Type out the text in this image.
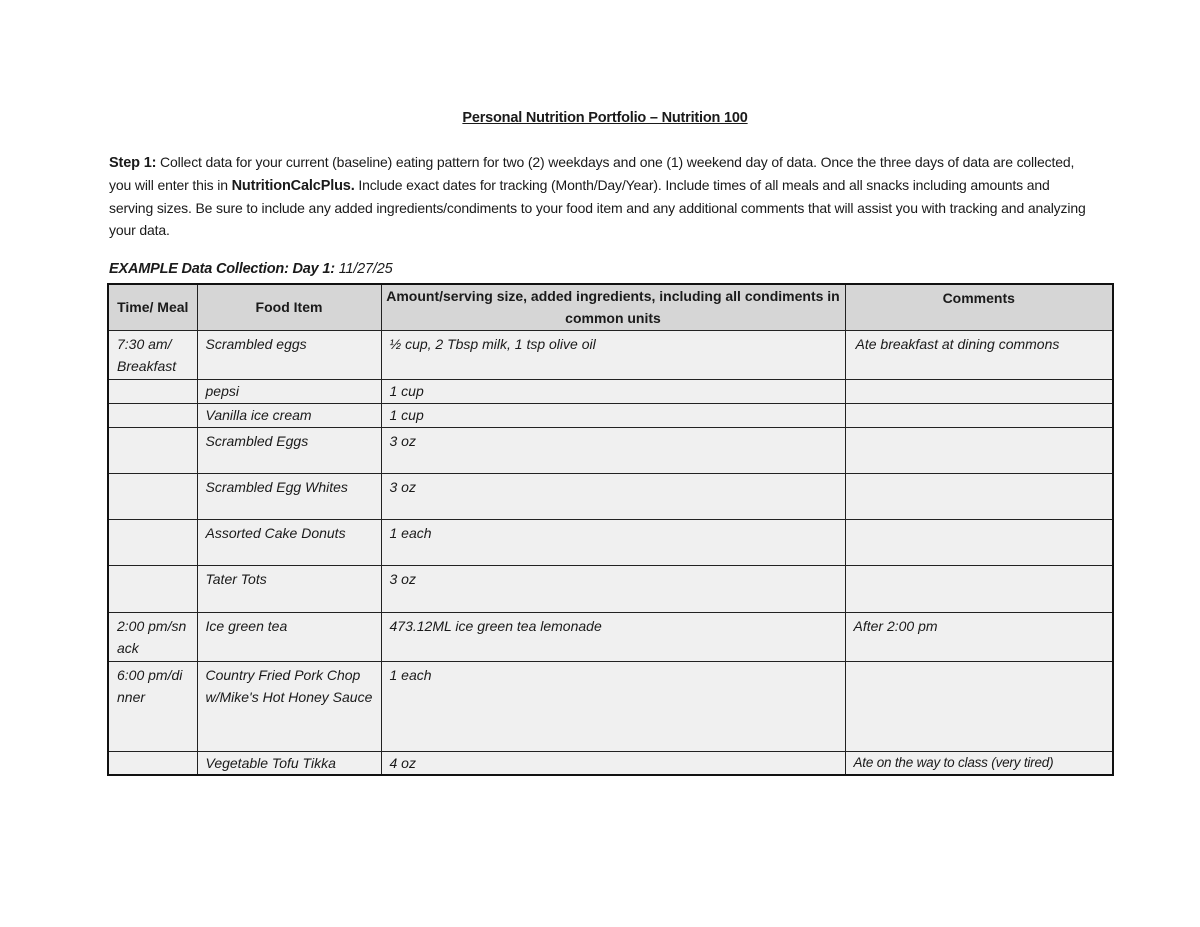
Personal Nutrition Portfolio – Nutrition 100

Step 1: Collect data for your current (baseline) eating pattern for two (2) weekdays and one (1) weekend day of data. Once the three days of data are collected, you will enter this in NutritionCalcPlus. Include exact dates for tracking (Month/Day/Year). Include times of all meals and all snacks including amounts and serving sizes. Be sure to include any added ingredients/condiments to your food item and any additional comments that will assist you with tracking and analyzing your data.

EXAMPLE Data Collection: Day 1: 11/27/25
Time/ Meal	Food Item	Amount/serving size, added ingredients, including all condiments in common units	Comments
7:30 am/ Breakfast	Scrambled eggs	½ cup, 2 Tbsp milk, 1 tsp olive oil	Ate breakfast at dining commons
	pepsi	1 cup	
	Vanilla ice cream	1 cup	
	Scrambled Eggs	3 oz	
	Scrambled Egg Whites	3 oz	
	Assorted Cake Donuts	1 each	
	Tater Tots	3 oz	
2:00 pm/snack	Ice green tea	473.12ML ice green tea lemonade	After 2:00 pm
6:00 pm/dinner	Country Fried Pork Chop w/Mike's Hot Honey Sauce	1 each	
	Vegetable Tofu Tikka	4 oz	Ate on the way to class (very tired)
